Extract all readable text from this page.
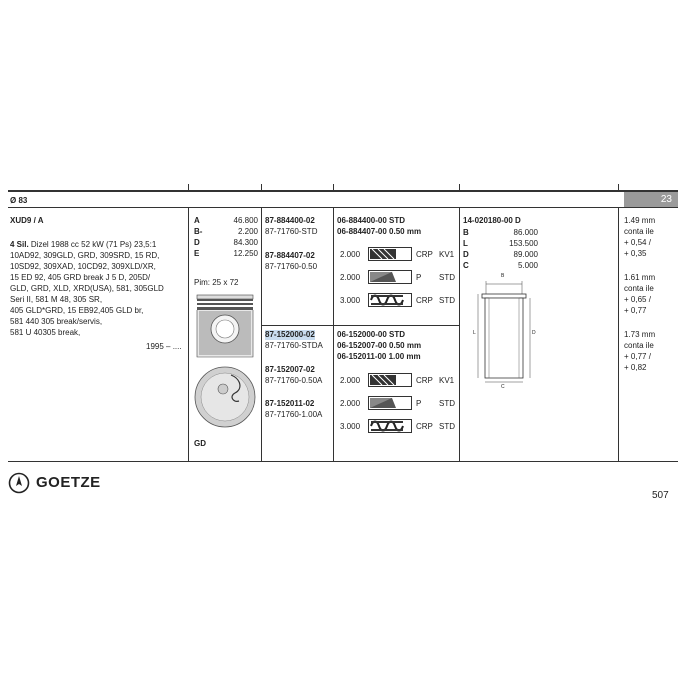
Ø 83	23
XUD9 / A
4 Sil. Dizel 1988 cc 52 kW (71 Ps) 23,5:1
10AD92, 309GLD, GRD, 309SRD, 15 RD,
10SD92, 309XAD, 10CD92, 309XLD/XR,
15 ED 92, 405 GRD break J 5 D, 205D/
GLD, GRD, XLD, XRD(USA), 581, 305GLD
Seri II, 581 M 48, 305 SR,
405 GLD*GRD, 15 EB92,405 GLD br,
581 440 305 break/servis,
581 U 40305 break,
1995 – ....
A	46.800
B-	2.200
D	84.300
E	12.250
Pim: 25 x 72
GD
87-884400-02
87-71760-STD
87-884407-02
87-71760-0.50
87-152000-02
87-71760-STDA
87-152007-02
87-71760-0.50A
87-152011-02
87-71760-1.00A
06-884400-00 STD
06-884407-00 0.50 mm
2.000	CRP KV1
2.000	P STD
3.000	CRP STD
06-152000-00 STD
06-152007-00 0.50 mm
06-152011-00 1.00 mm
2.000	CRP KV1
2.000	P STD
3.000	CRP STD
14-020180-00 D
B	86.000
L	153.500
D	89.000
C	5.000
B
L	D
C
1.49 mm
conta ile
+ 0,54 /
+ 0,35
1.61 mm
conta ile
+ 0,65 /
+ 0,77
1.73 mm
conta ile
+ 0,77 /
+ 0,82
GOETZE
507
